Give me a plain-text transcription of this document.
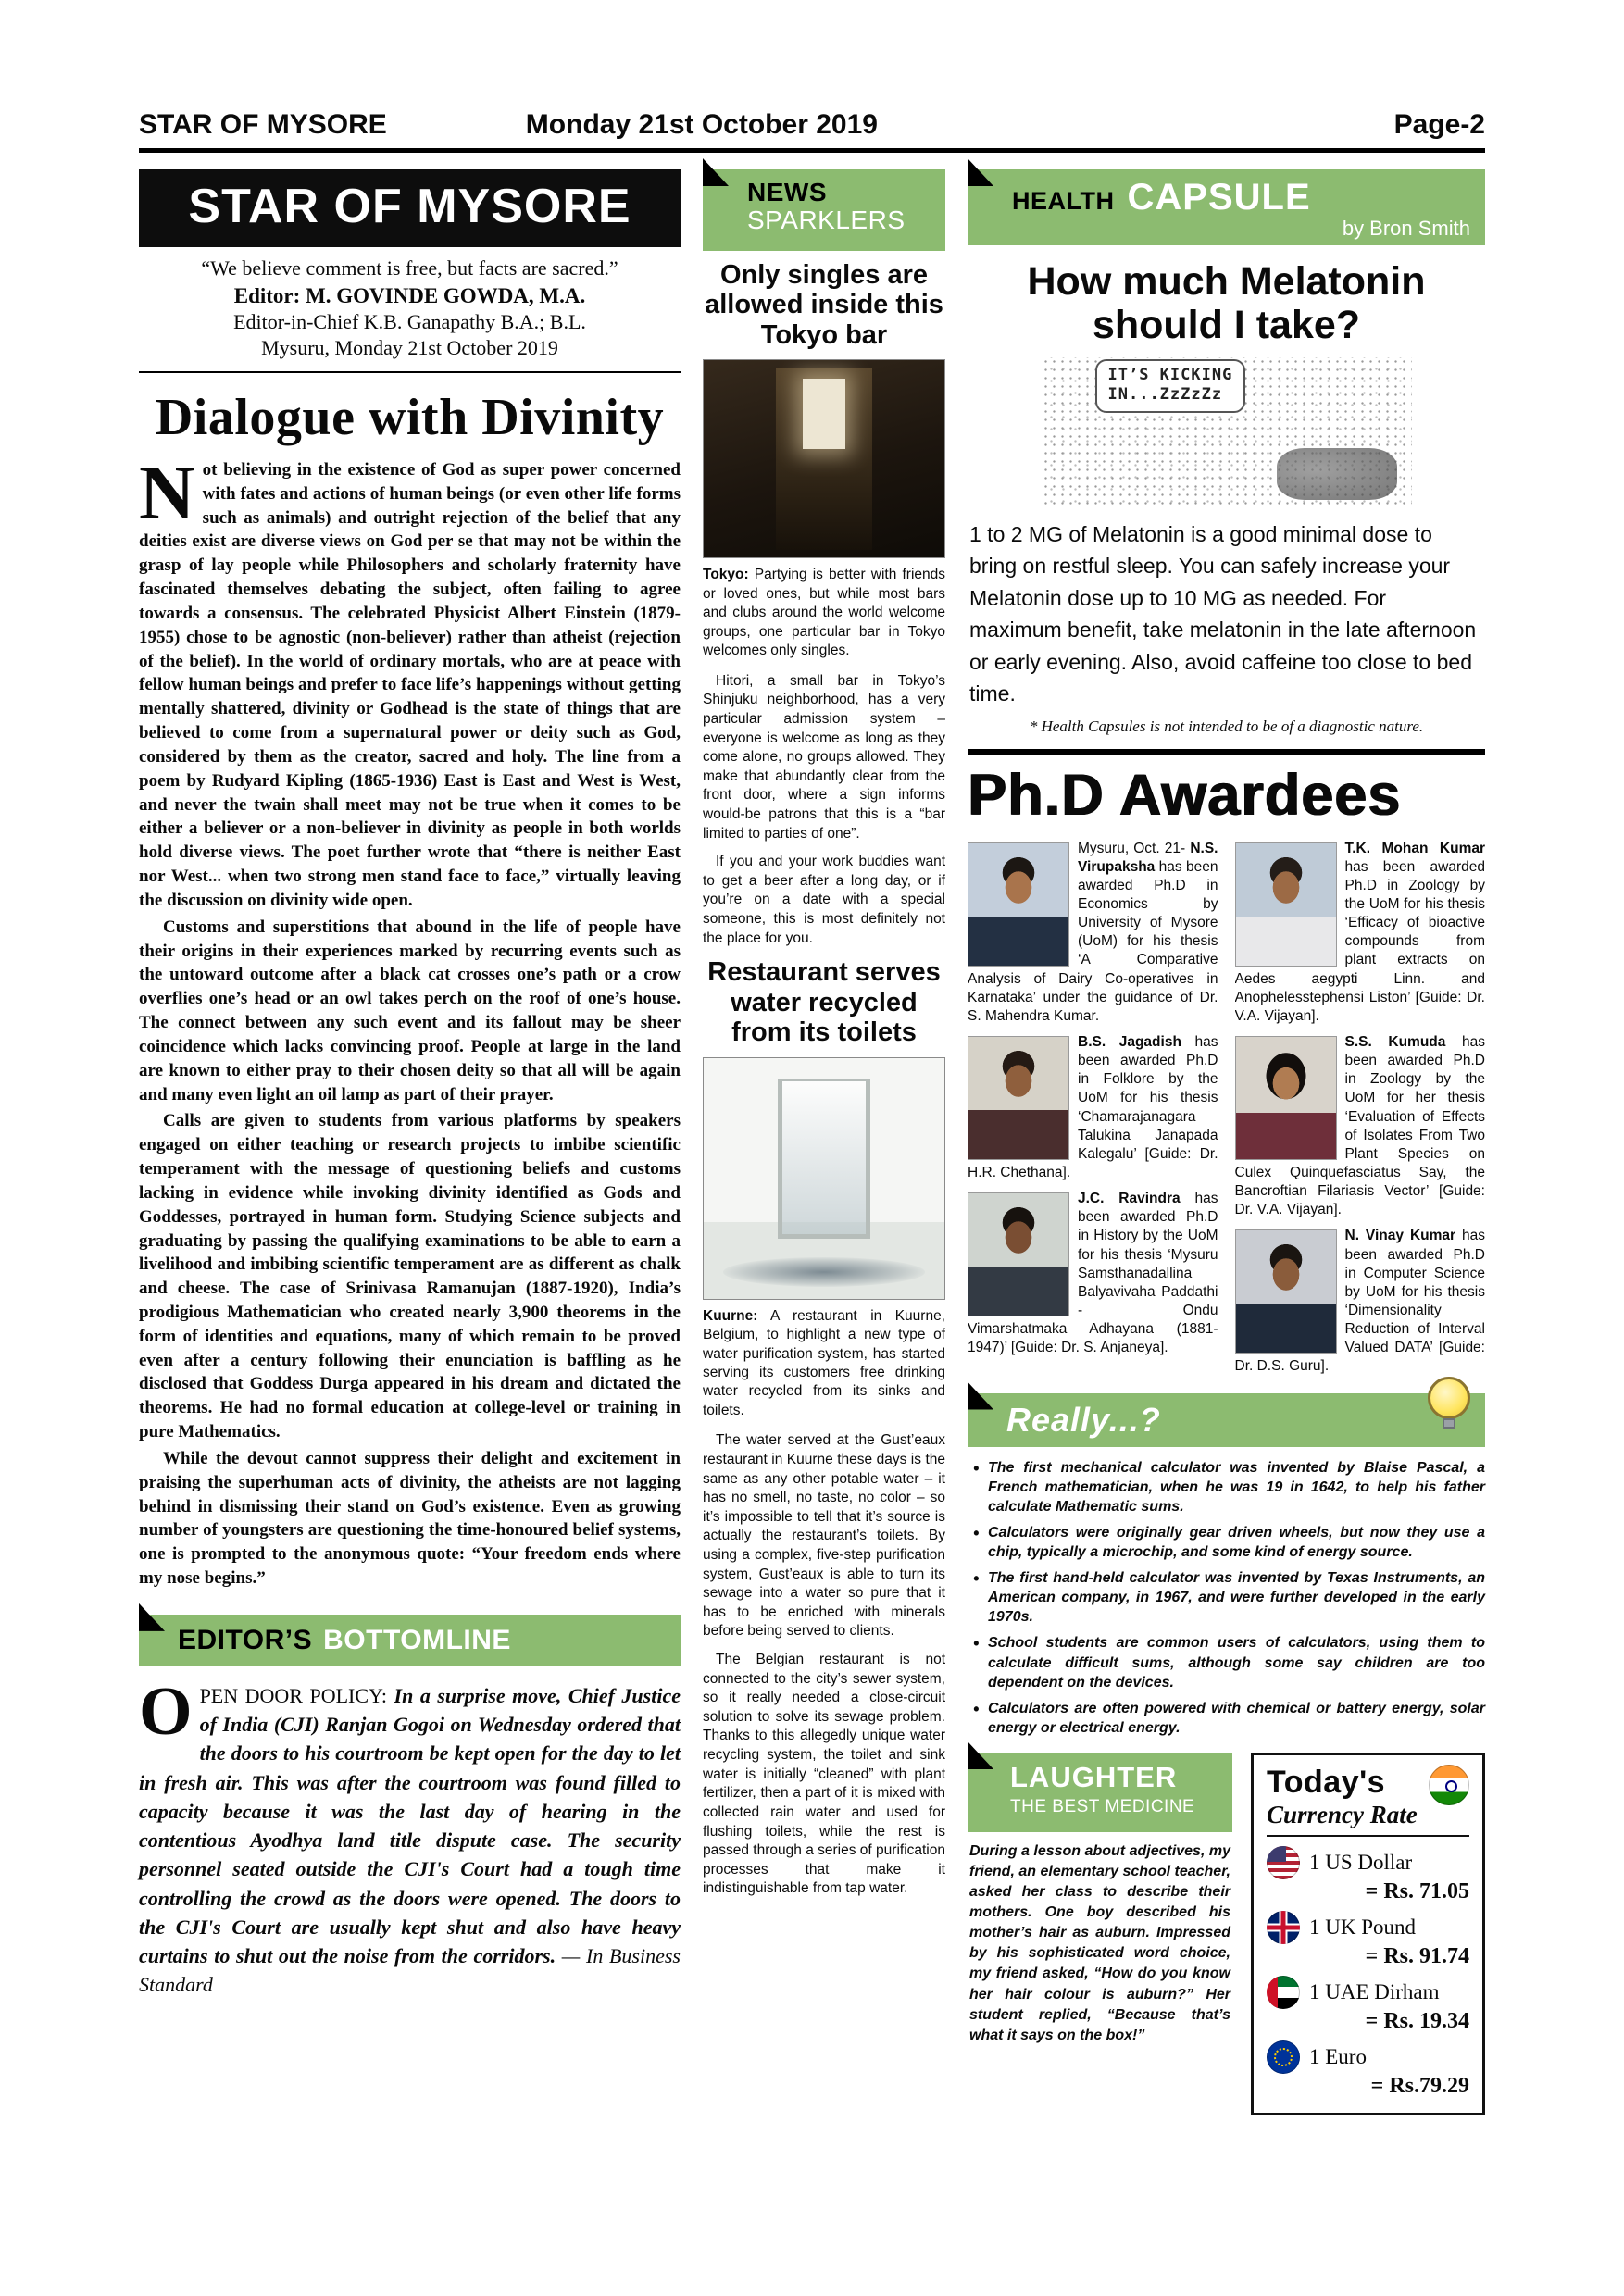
STAR OF MYSORE	Monday 21st October 2019	Page-2
STAR OF MYSORE

“We believe comment is free, but facts are sacred.”

Editor: M. GOVINDE GOWDA, M.A.

Editor-in-Chief K.B. Ganapathy B.A.; B.L.

Mysuru, Monday 21st October 2019

Dialogue with Divinity

Not believing in the existence of God as super power concerned with fates and actions of human beings (or even other life forms such as animals) and outright rejection of the belief that any deities exist are diverse views on God per se that may not be within the grasp of lay people while Philosophers and scholarly fraternity have fascinated themselves debating the subject, often failing to agree towards a consensus. The celebrated Physicist Albert Einstein (1879-1955) chose to be agnostic (non-believer) rather than atheist (rejection of the belief). In the world of ordinary mortals, who are at peace with fellow human beings and prefer to face life’s happenings without getting mentally shattered, divinity or Godhead is the state of things that are believed to come from a supernatural power or deity such as God, considered by them as the creator, sacred and holy. The line from a poem by Rudyard Kipling (1865-1936) East is East and West is West, and never the twain shall meet may not be true when it comes to be either a believer or a non-believer in divinity as people in both worlds hold diverse views. The poet further wrote that “there is neither East nor West... when two strong men stand face to face,” virtually leaving the discussion on divinity wide open.

Customs and superstitions that abound in the life of people have their origins in their experiences marked by recurring events such as the untoward outcome after a black cat crosses one’s path or a crow overflies one’s head or an owl takes perch on the roof of one’s house. The connect between any such event and its fallout may be sheer coincidence which lacks convincing proof. People at large in the land are known to either pray to their chosen deity so that all will be again and many even light an oil lamp as part of their prayer.

Calls are given to students from various platforms by speakers engaged on either teaching or research projects to imbibe scientific temperament with the message of questioning beliefs and customs lacking in evidence while invoking divinity identified as Gods and Goddesses, portrayed in human form. Studying Science subjects and graduating by passing the qualifying examinations to be able to earn a livelihood and imbibing scientific temperament are as different as chalk and cheese. The case of Srinivasa Ramanujan (1887-1920), India’s prodigious Mathematician who created nearly 3,900 theorems in the form of identities and equations, many of which remain to be proved even after a century following their enunciation is baffling as he disclosed that Goddess Durga appeared in his dream and dictated the theorems. He had no formal education at college-level or training in pure Mathematics.

While the devout cannot suppress their delight and excitement in praising the superhuman acts of divinity, the atheists are not lagging behind in dismissing their stand on God’s existence. Even as growing number of youngsters are questioning the time-honoured belief systems, one is prompted to the anonymous quote: “Your freedom ends where my nose begins.”

EDITOR’S BOTTOMLINE

OPEN DOOR POLICY: In a surprise move, Chief Justice of India (CJI) Ranjan Gogoi on Wednesday ordered that the doors to his courtroom be kept open for the day to let in fresh air. This was after the courtroom was found filled to capacity because it was the last day of hearing in the contentious Ayodhya land title dispute case. The security personnel seated outside the CJI's Court had a tough time controlling the crowd as the doors were opened. The doors to the CJI's Court are usually kept shut and also have heavy curtains to shut out the noise from the corridors. — In Business Standard

NEWS
SPARKLERS
Only singles are allowed inside this Tokyo bar

Tokyo: Partying is better with friends or loved ones, but while most bars and clubs around the world welcome groups, one particular bar in Tokyo welcomes only singles.

Hitori, a small bar in Tokyo’s Shinjuku neighborhood, has a very particular admission system – everyone is welcome as long as they come alone, no groups allowed. They make that abundantly clear from the front door, where a sign informs would-be patrons that this is a “bar limited to parties of one”.

If you and your work buddies want to get a beer after a long day, or if you’re on a date with a special someone, this is most definitely not the place for you.

Restaurant serves water recycled from its toilets

Kuurne: A restaurant in Kuurne, Belgium, to highlight a new type of water purification system, has started serving its customers free drinking water recycled from its sinks and toilets.

The water served at the Gust’eaux restaurant in Kuurne these days is the same as any other potable water – it has no smell, no taste, no color – so it’s impossible to tell that it’s source is actually the restaurant’s toilets. By using a complex, five-step purification system, Gust’eaux is able to turn its sewage into a water so pure that it has to be enriched with minerals before being served to clients.

The Belgian restaurant is not connected to the city’s sewer system, so it really needed a close-circuit solution to solve its sewage problem. Thanks to this allegedly unique water recycling system, the toilet and sink water is initially “cleaned” with plant fertilizer, then a part of it is mixed with collected rain water and used for flushing toilets, while the rest is passed through a series of purification processes that make it indistinguishable from tap water.

HEALTH CAPSULE
by Bron Smith
How much Melatonin should I take?
IT’S KICKING
IN...ZzZzZz

1 to 2 MG of Melatonin is a good minimal dose to bring on restful sleep. You can safely increase your Melatonin dose up to 10 MG as needed. For maximum benefit, take melatonin in the late afternoon or early evening. Also, avoid caffeine too close to bed time.

* Health Capsules is not intended to be of a diagnostic nature.

Ph.D Awardees

Mysuru, Oct. 21- N.S. Virupaksha has been awarded Ph.D in Economics by University of Mysore (UoM) for his thesis ‘A Comparative Analysis of Dairy Co-operatives in Karnataka’ under the guidance of Dr. S. Mahendra Kumar.

B.S. Jagadish has been awarded Ph.D in Folklore by the UoM for his thesis ‘Chamarajanagara Talukina Janapada Kalegalu’ [Guide: Dr. H.R. Chethana].

J.C. Ravindra has been awarded Ph.D in History by the UoM for his thesis ‘Mysuru Samsthanadallina Balyavivaha Paddathi - Ondu Vimarshatmaka Adhayana (1881-1947)’ [Guide: Dr. S. Anjaneya].

T.K. Mohan Kumar has been awarded Ph.D in Zoology by the UoM for his thesis ‘Efficacy of bioactive compounds from plant extracts on Aedes aegypti Linn. and Anophelesstephensi Liston’ [Guide: Dr. V.A. Vijayan].

S.S. Kumuda has been awarded Ph.D in Zoology by the UoM for her thesis ‘Evaluation of Effects of Isolates From Two Plant Species on Culex Quinquefasciatus Say, the Bancroftian Filariasis Vector’ [Guide: Dr. V.A. Vijayan].

N. Vinay Kumar has been awarded Ph.D in Computer Science by UoM for his thesis ‘Dimensionality Reduction of Interval Valued DATA’ [Guide: Dr. D.S. Guru].

Really...?
• The first mechanical calculator was invented by Blaise Pascal, a French mathematician, when he was 19 in 1642, to help his father calculate Mathematic sums.
• Calculators were originally gear driven wheels, but now they use a chip, typically a microchip, and some kind of energy source.
• The first hand-held calculator was invented by Texas Instruments, an American company, in 1967, and were further developed in the early 1970s.
• School students are common users of calculators, using them to calculate difficult sums, although some say children are too dependent on the devices.
• Calculators are often powered with chemical or battery energy, solar energy or electrical energy.
LAUGHTER
THE BEST MEDICINE

During a lesson about adjectives, my friend, an elementary school teacher, asked her class to describe their mothers. One boy described his mother’s hair as auburn. Impressed by his sophisticated word choice, my friend asked, “How do you know her hair colour is auburn?” Her student replied, “Because that’s what it says on the box!”

Today's
Currency Rate
1 US Dollar
= Rs. 71.05
1 UK Pound
= Rs. 91.74
1 UAE Dirham
= Rs. 19.34
1 Euro
= Rs.79.29
